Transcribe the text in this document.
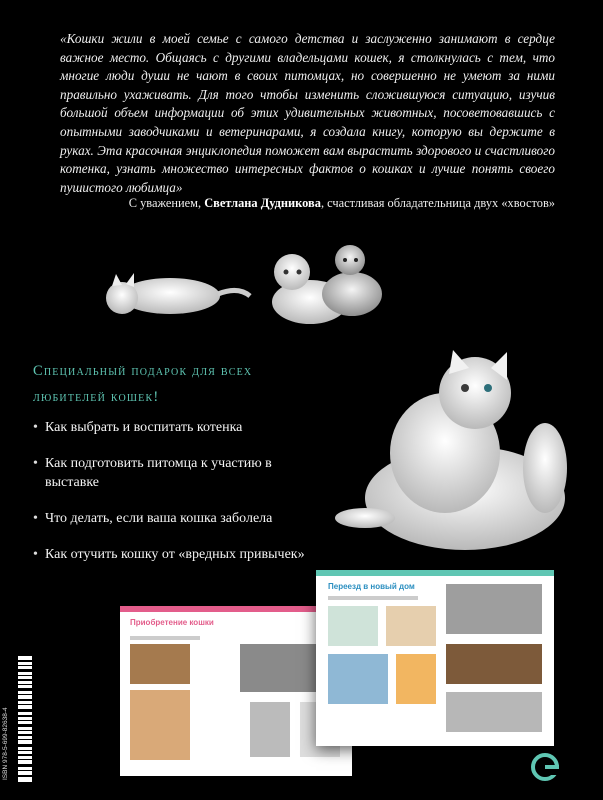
«Кошки жили в моей семье с самого детства и заслуженно занимают в сердце важное место. Общаясь с другими владельцами кошек, я столкнулась с тем, что многие люди души не чают в своих питомцах, но совершенно не умеют за ними правильно ухаживать. Для того чтобы изменить сложившуюся ситуацию, изучив большой объем информации об этих удивительных животных, посоветовавшись с опытными заводчиками и ветеринарами, я создала книгу, которую вы держите в руках. Эта красочная энциклопедия поможет вам вырастить здорового и счастливого котенка, узнать множество интересных фактов о кошках и лучше понять своего пушистого любимца»
С уважением, Светлана Дудникова, счастливая обладательница двух «хвостов»
Специальный подарок для всех
любителей кошек!
• Как выбрать и воспитать котенка
• Как подготовить питомца к участию в выставке
• Что делать, если ваша кошка заболела
• Как отучить кошку от «вредных привычек»
Приобретение кошки
Переезд в новый дом
ISBN 978-5-699-82638-4
